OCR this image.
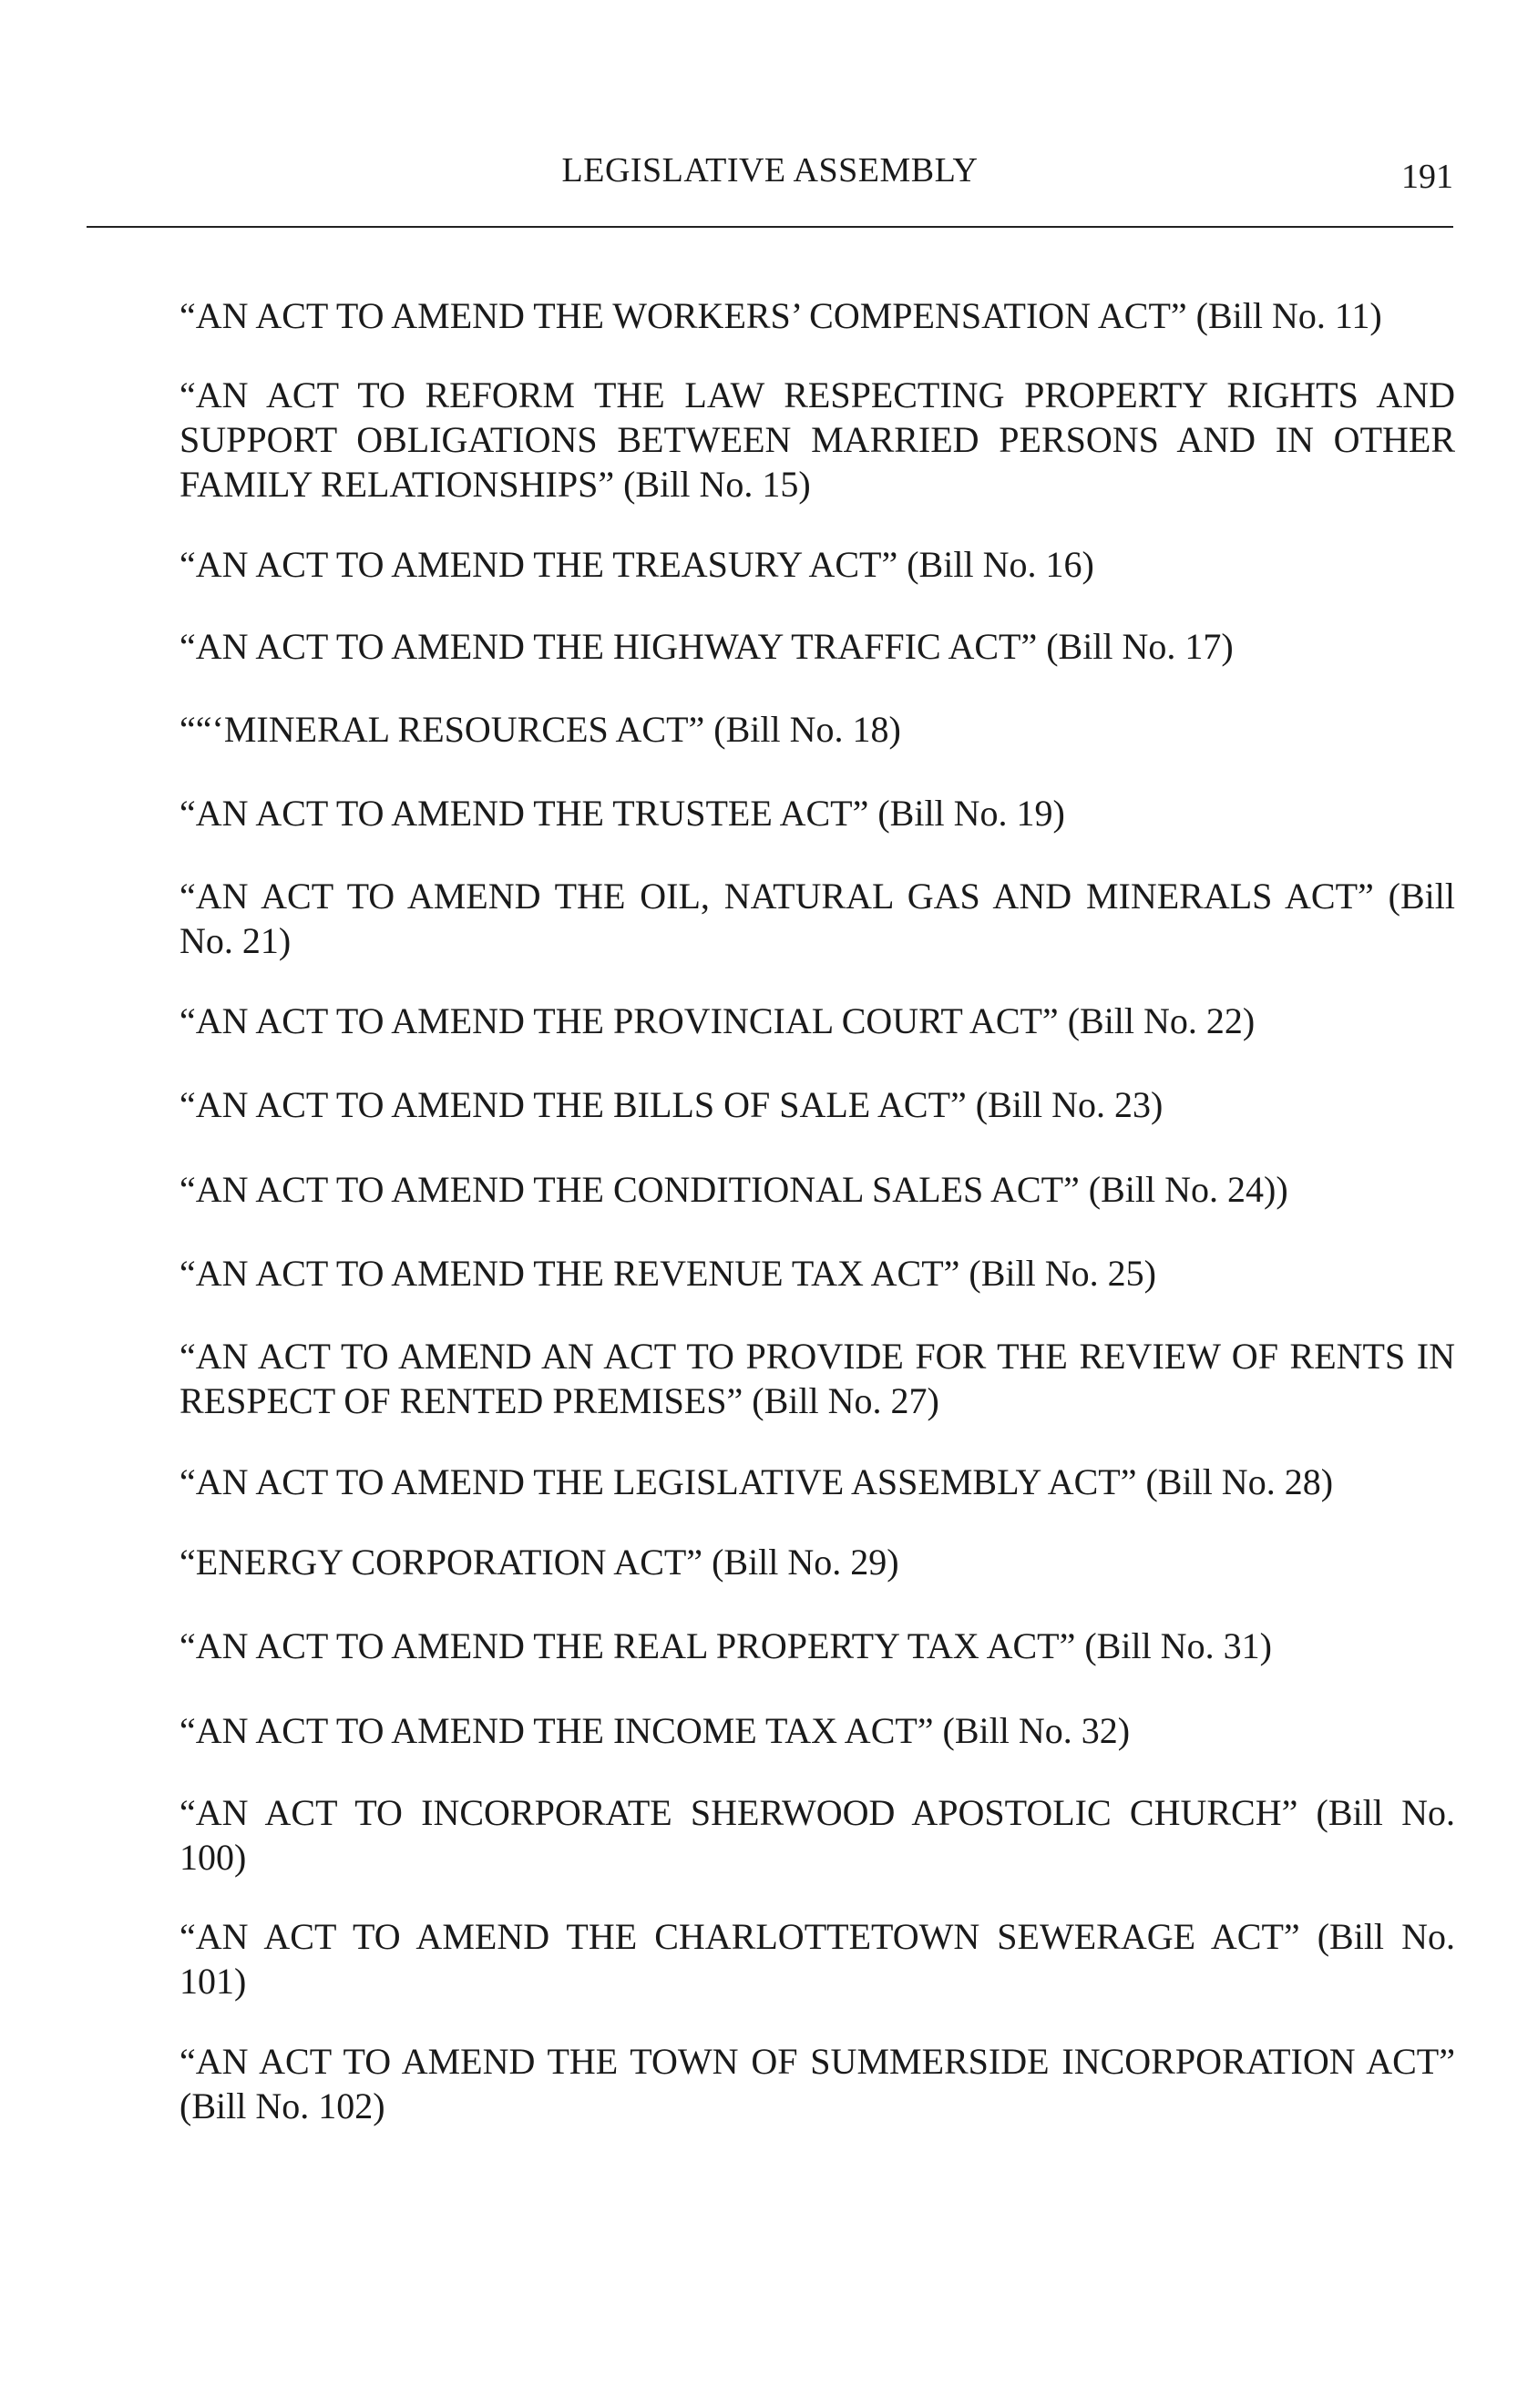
LEGISLATIVE ASSEMBLY	191
“AN ACT TO AMEND THE WORKERS’ COMPENSATION ACT” (Bill No. 11)
“AN ACT TO REFORM THE LAW RESPECTING PROPERTY RIGHTS AND SUPPORT OBLIGATIONS BETWEEN MARRIED PERSONS AND IN OTHER FAMILY RELATIONSHIPS” (Bill No. 15)
“AN ACT TO AMEND THE TREASURY ACT” (Bill No. 16)
“AN ACT TO AMEND THE HIGHWAY TRAFFIC ACT” (Bill No. 17)
““‘MINERAL RESOURCES ACT” (Bill No. 18)
“AN ACT TO AMEND THE TRUSTEE ACT” (Bill No. 19)
“AN ACT TO AMEND THE OIL, NATURAL GAS AND MINERALS ACT” (Bill No. 21)
“AN ACT TO AMEND THE PROVINCIAL COURT ACT” (Bill No. 22)
“AN ACT TO AMEND THE BILLS OF SALE ACT” (Bill No. 23)
“AN ACT TO AMEND THE CONDITIONAL SALES ACT” (Bill No. 24))
“AN ACT TO AMEND THE REVENUE TAX ACT” (Bill No. 25)
“AN ACT TO AMEND AN ACT TO PROVIDE FOR THE REVIEW OF RENTS IN RESPECT OF RENTED PREMISES” (Bill No. 27)
“AN ACT TO AMEND THE LEGISLATIVE ASSEMBLY ACT” (Bill No. 28)
“ENERGY CORPORATION ACT” (Bill No. 29)
“AN ACT TO AMEND THE REAL PROPERTY TAX ACT” (Bill No. 31)
“AN ACT TO AMEND THE INCOME TAX ACT” (Bill No. 32)
“AN ACT TO INCORPORATE SHERWOOD APOSTOLIC CHURCH” (Bill No. 100)
“AN ACT TO AMEND THE CHARLOTTETOWN SEWERAGE ACT” (Bill No. 101)
“AN ACT TO AMEND THE TOWN OF SUMMERSIDE INCORPORATION ACT” (Bill No. 102)
